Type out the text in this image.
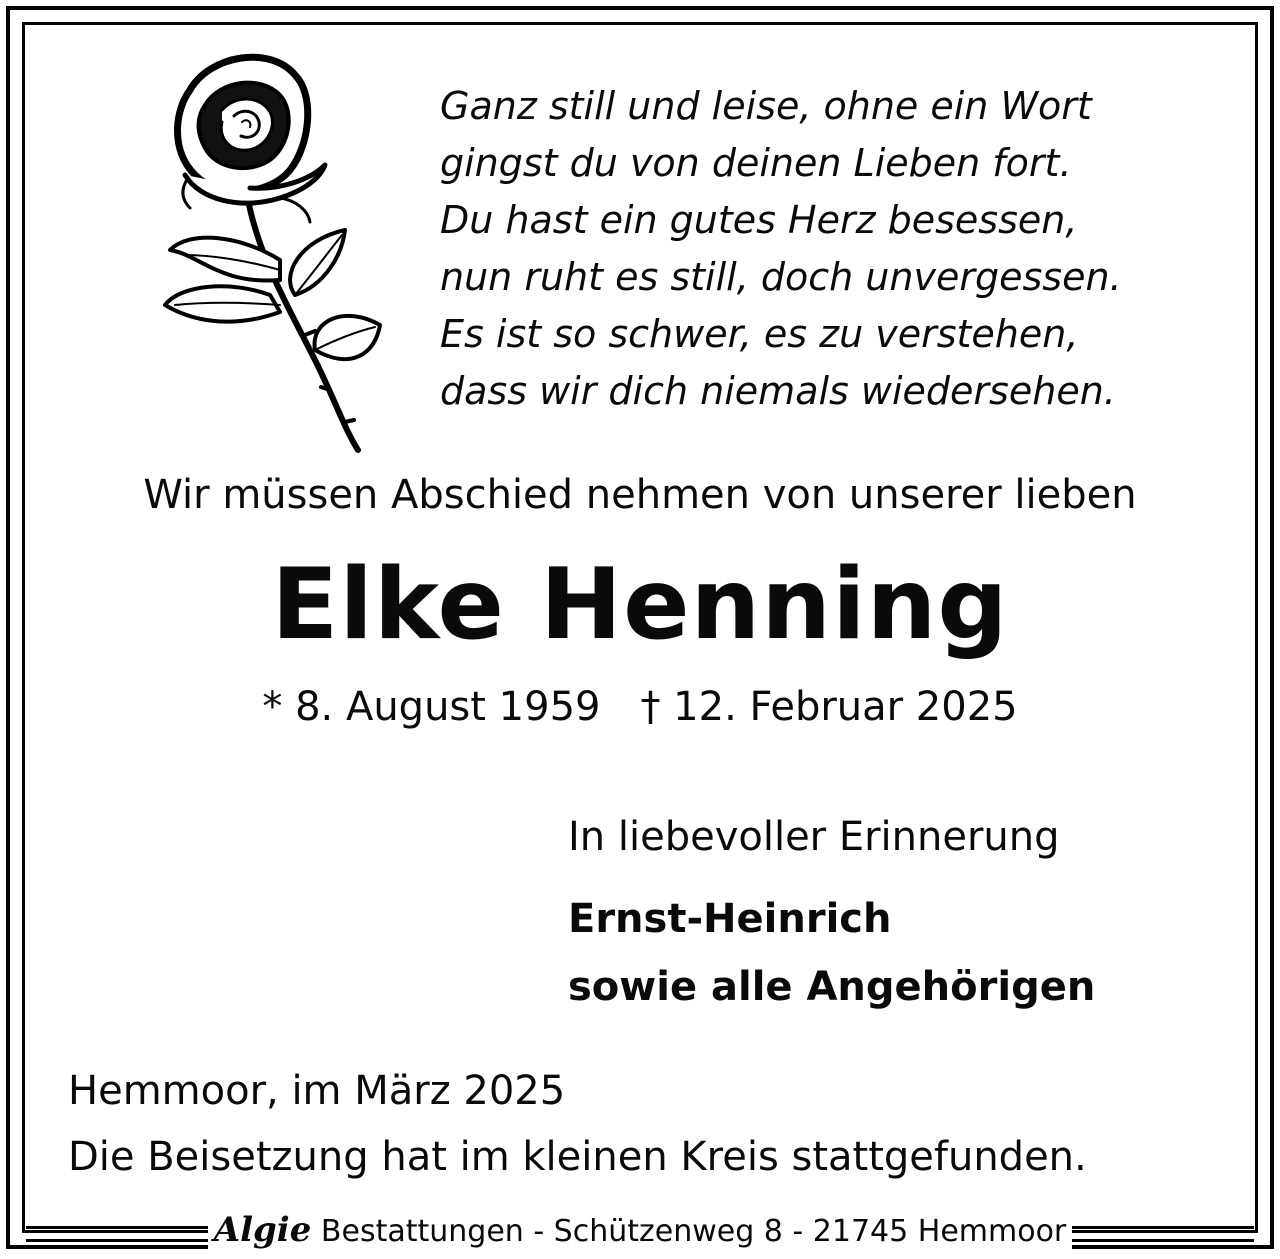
Ganz still und leise, ohne ein Wort
gingst du von deinen Lieben fort.
Du hast ein gutes Herz besessen,
nun ruht es still, doch unvergessen.
Es ist so schwer, es zu verstehen,
dass wir dich niemals wiedersehen.
Wir müssen Abschied nehmen von unserer lieben
Elke Henning
* 8. August 1959 † 12. Februar 2025
In liebevoller Erinnerung
Ernst-Heinrich
sowie alle Angehörigen
Hemmoor, im März 2025
Die Beisetzung hat im kleinen Kreis stattgefunden.
Algie Bestattungen - Schützenweg 8 - 21745 Hemmoor
